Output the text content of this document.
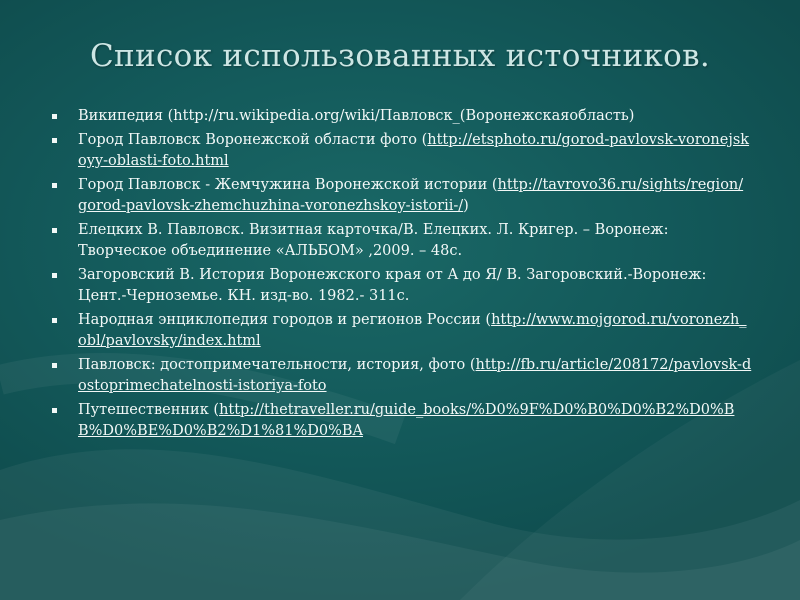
Список использованных источников.
Википедия (http://ru.wikipedia.org/wiki/Павловск_(Воронежскаяобласть)
Город Павловск Воронежской области фото (http://etsphoto.ru/gorod-pavlovsk-voronejskoyy-oblasti-foto.html
Город Павловск - Жемчужина Воронежской истории (http://tavrovo36.ru/sights/region/gorod-pavlovsk-zhemchuzhina-voronezhskoy-istorii-/)
Елецких В. Павловск. Визитная карточка/В. Елецких. Л. Кригер. – Воронеж: Творческое объединение «АЛЬБОМ» ,2009. – 48с.
Загоровский В. История Воронежского края от А до Я/ В. Загоровский.-Воронеж: Цент.-Черноземье. КН. изд-во. 1982.- 311с.
Народная энциклопедия городов и регионов России (http://www.mojgorod.ru/voronezh_obl/pavlovsky/index.html
Павловск: достопримечательности, история, фото (http://fb.ru/article/208172/pavlovsk-dostoprimechatelnosti-istoriya-foto
Путешественник (http://thetraveller.ru/guide_books/%D0%9F%D0%B0%D0%B2%D0%BB%D0%BE%D0%B2%D1%81%D0%BA
